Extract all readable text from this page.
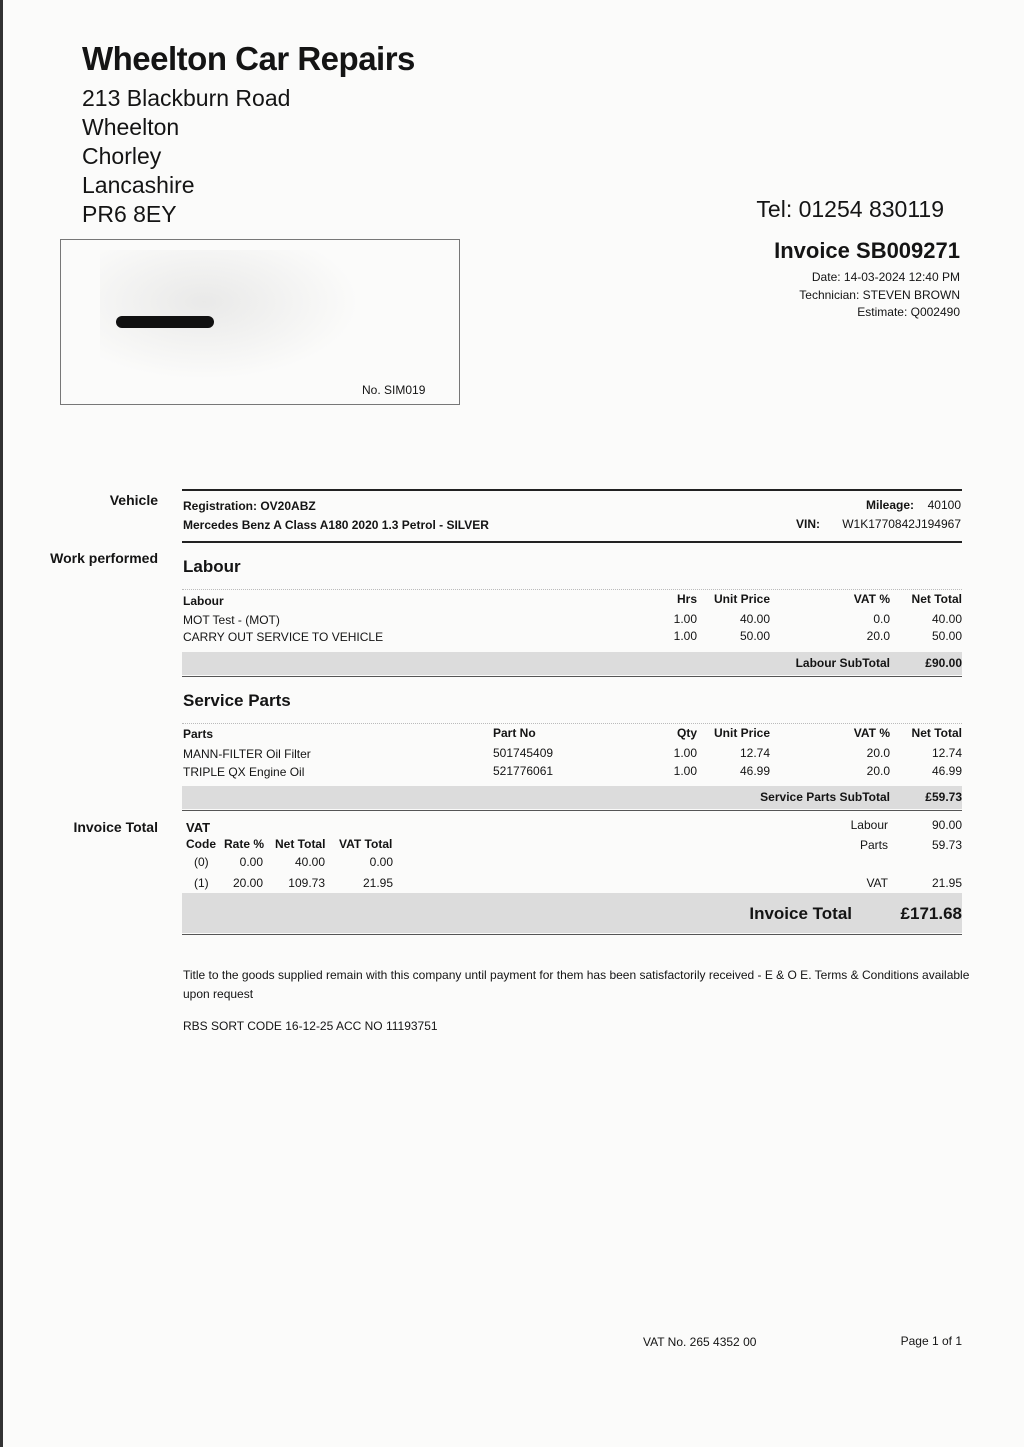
Wheelton Car Repairs
213 Blackburn Road
Wheelton
Chorley
Lancashire
PR6 8EY	Tel: 01254 830119
Invoice SB009271
Date: 14-03-2024 12:40 PM
Technician: STEVEN BROWN
Estimate: Q002490
No. SIM019
Vehicle Registration: OV20ABZ
Mercedes Benz A Class A180 2020 1.3 Petrol - SILVER
Mileage:	40100
VIN:	W1K1770842J194967
Work performed Labour
Labour	Hrs	Unit Price	VAT %	Net Total
MOT Test - (MOT)	1.00	40.00	0.0	40.00
CARRY OUT SERVICE TO VEHICLE	1.00	50.00	20.0	50.00
Labour SubTotal	£90.00
Service Parts
Parts	Part No	Qty	Unit Price	VAT %	Net Total
MANN-FILTER Oil Filter	501745409	1.00	12.74	20.0	12.74
TRIPLE QX Engine Oil	521776061	1.00	46.99	20.0	46.99
Service Parts SubTotal	£59.73
Invoice Total VAT
Code Rate % Net Total VAT Total
(0)	0.00	40.00	0.00
(1)	20.00	109.73	21.95
Labour	90.00
Parts	59.73
VAT	21.95
Invoice Total	£171.68
Title to the goods supplied remain with this company until payment for them has been satisfactorily received - E & O E. Terms & Conditions available upon request
RBS SORT CODE 16-12-25 ACC NO 11193751
VAT No. 265 4352 00	Page 1 of 1
